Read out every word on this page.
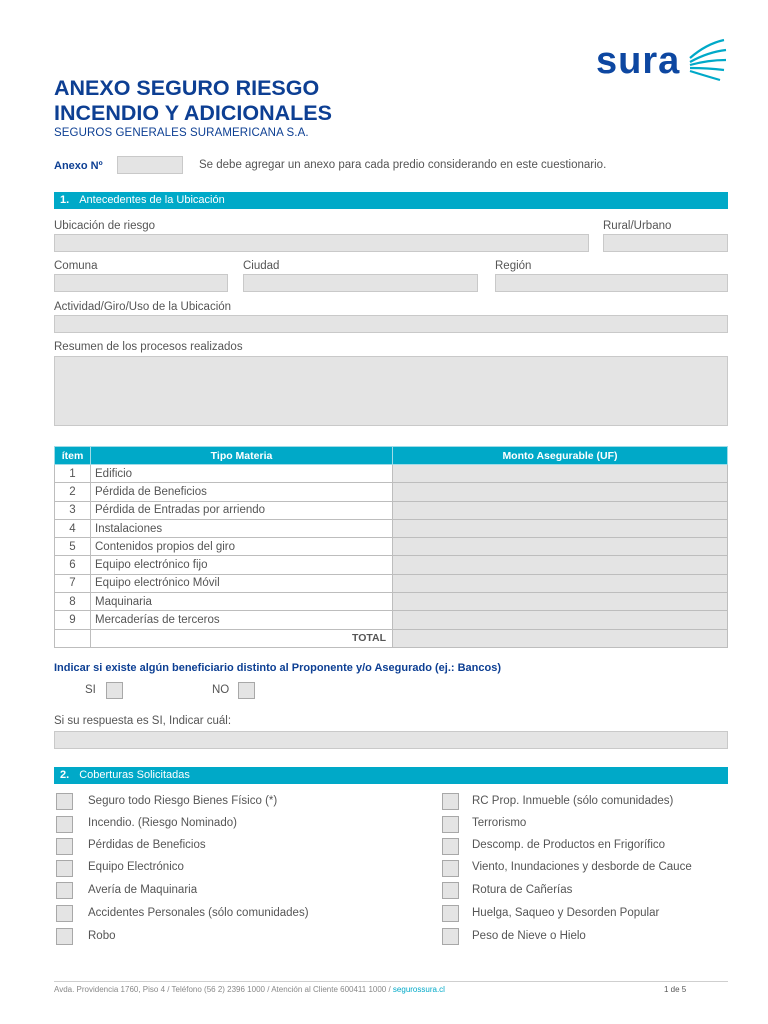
sura
ANEXO SEGURO RIESGO
INCENDIO Y ADICIONALES
SEGUROS GENERALES SURAMERICANA S.A.
Anexo Nº	Se debe agregar un anexo para cada predio considerando en este cuestionario.
1. Antecedentes de la Ubicación
Ubicación de riesgo	Rural/Urbano
Comuna	Ciudad	Región
Actividad/Giro/Uso de la Ubicación
Resumen de los procesos realizados
ítem	Tipo Materia	Monto Asegurable (UF)
1	Edificio	
2	Pérdida de Beneficios	
3	Pérdida de Entradas por arriendo	
4	Instalaciones	
5	Contenidos propios del giro	
6	Equipo electrónico fijo	
7	Equipo electrónico Móvil	
8	Maquinaria	
9	Mercaderías de terceros	
	TOTAL	
Indicar si existe algún beneficiario distinto al Proponente y/o Asegurado (ej.: Bancos)
SI	NO
Si su respuesta es SI, Indicar cuál:
2. Coberturas Solicitadas
Seguro todo Riesgo Bienes Físico (*)
Incendio. (Riesgo Nominado)
Pérdidas de Beneficios
Equipo Electrónico
Avería de Maquinaria
Accidentes Personales (sólo comunidades)
Robo
RC Prop. Inmueble (sólo comunidades)
Terrorismo
Descomp. de Productos en Frigorífico
Viento, Inundaciones y desborde de Cauce
Rotura de Cañerías
Huelga, Saqueo y Desorden Popular
Peso de Nieve o Hielo
Avda. Providencia 1760, Piso 4 / Teléfono (56 2) 2396 1000 / Atención al Cliente 600411 1000 / segurossura.cl	1 de 5
